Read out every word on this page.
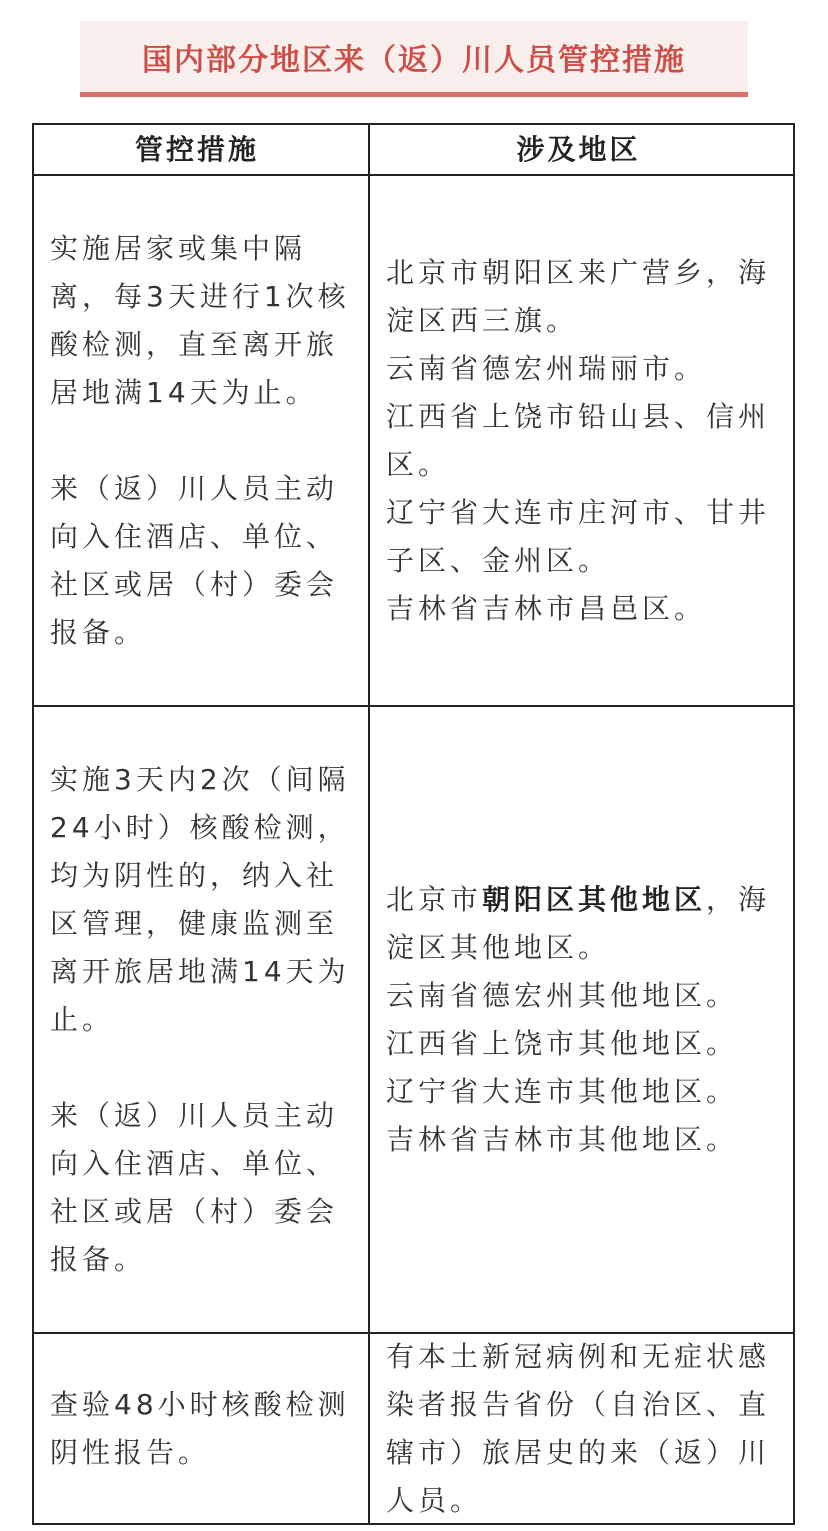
国内部分地区来（返）川人员管控措施
管控措施	涉及地区

实施居家或集中隔离，每3天进行1次核酸检测，直至离开旅居地满14天为止。

来（返）川人员主动向入住酒店、单位、社区或居（村）委会报备。

北京市朝阳区来广营乡，海淀区西三旗。

云南省德宏州瑞丽市。

江西省上饶市铅山县、信州区。

辽宁省大连市庄河市、甘井子区、金州区。

吉林省吉林市昌邑区。

实施3天内2次（间隔24小时）核酸检测，均为阴性的，纳入社区管理，健康监测至离开旅居地满14天为止。

来（返）川人员主动向入住酒店、单位、社区或居（村）委会报备。

北京市朝阳区其他地区，海淀区其他地区。

云南省德宏州其他地区。

江西省上饶市其他地区。

辽宁省大连市其他地区。

吉林省吉林市其他地区。

查验48小时核酸检测阴性报告。

有本土新冠病例和无症状感染者报告省份（自治区、直辖市）旅居史的来（返）川人员。
